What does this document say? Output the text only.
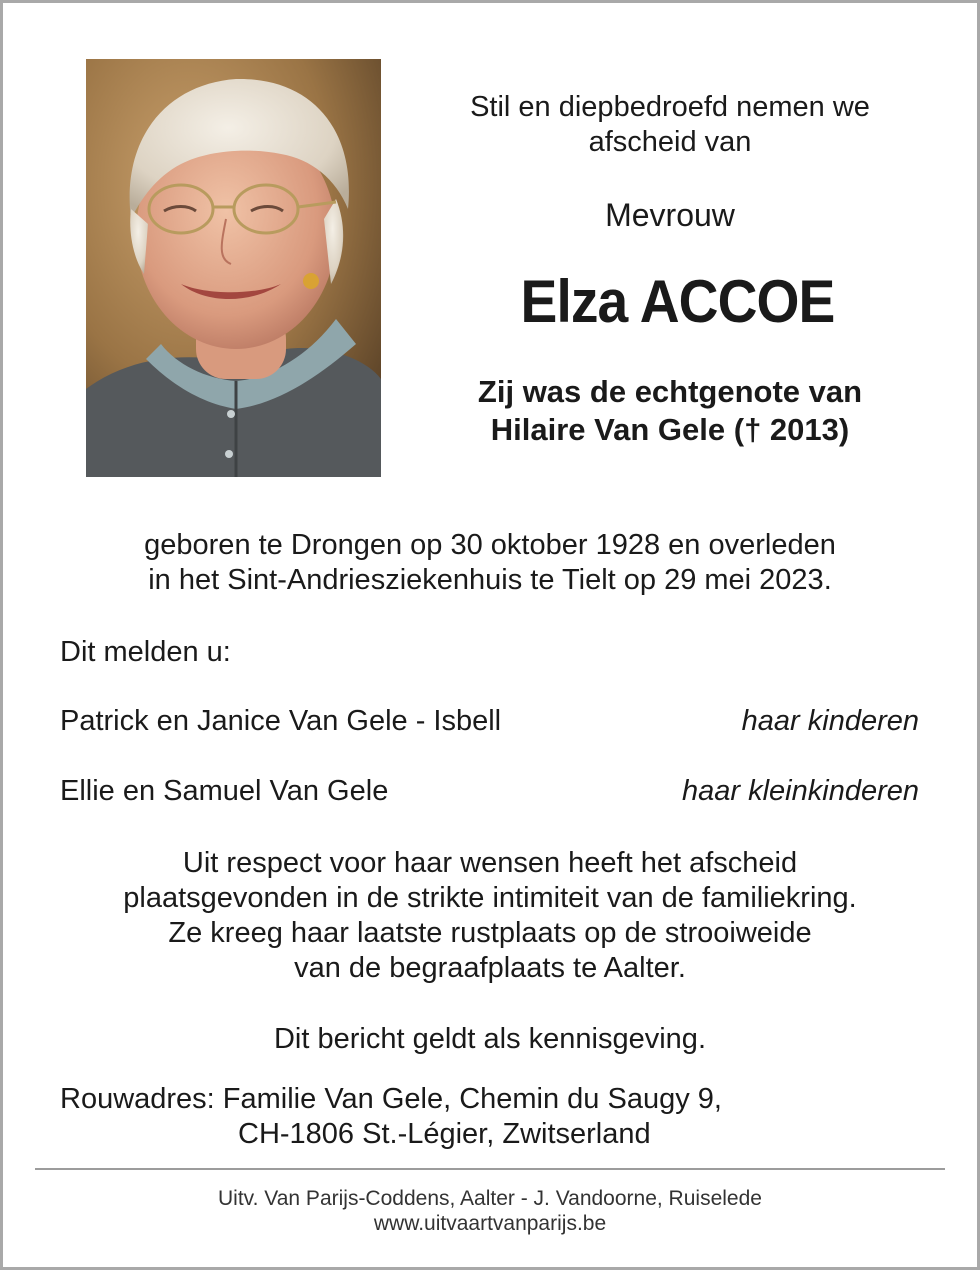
Stil en diepbedroefd nemen we
afscheid van
Mevrouw
Elza ACCOE
Zij was de echtgenote van
Hilaire Van Gele († 2013)
geboren te Drongen op 30 oktober 1928 en overleden
in het Sint-Andriesziekenhuis te Tielt op 29 mei 2023.
Dit melden u:
Patrick en Janice Van Gele - Isbell	haar kinderen
Ellie en Samuel Van Gele	haar kleinkinderen
Uit respect voor haar wensen heeft het afscheid
plaatsgevonden in de strikte intimiteit van de familiekring.
Ze kreeg haar laatste rustplaats op de strooiweide
van de begraafplaats te Aalter.
Dit bericht geldt als kennisgeving.
Rouwadres: Familie Van Gele, Chemin du Saugy 9,
CH-1806 St.-Légier, Zwitserland
Uitv. Van Parijs-Coddens, Aalter - J. Vandoorne, Ruiselede
www.uitvaartvanparijs.be
